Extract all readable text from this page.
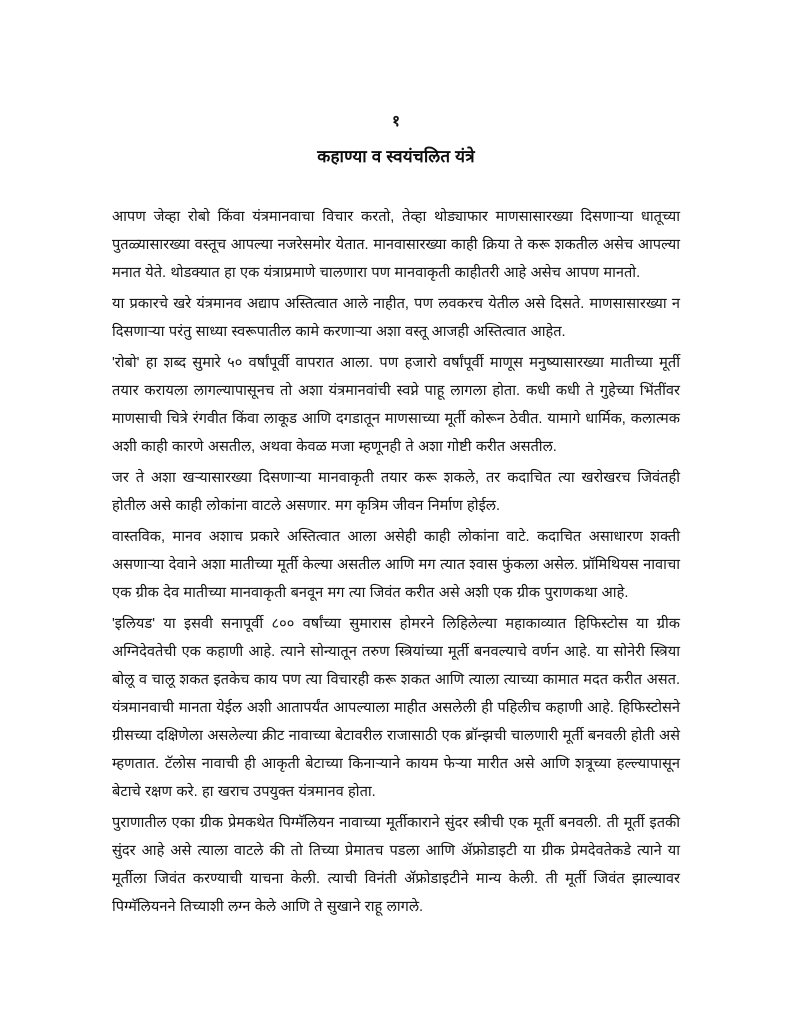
१
कहाण्या व स्वयंचलित यंत्रे

आपण जेव्हा रोबो किंवा यंत्रमानवाचा विचार करतो, तेव्हा थोड्याफार माणसासारख्या दिसणाऱ्या धातूच्या पुतळ्यासारख्या वस्तूच आपल्या नजरेसमोर येतात. मानवासारख्या काही क्रिया ते करू शकतील असेच आपल्या मनात येते. थोडक्यात हा एक यंत्राप्रमाणे चालणारा पण मानवाकृती काहीतरी आहे असेच आपण मानतो.

या प्रकारचे खरे यंत्रमानव अद्याप अस्तित्वात आले नाहीत, पण लवकरच येतील असे दिसते. माणसासारख्या न दिसणाऱ्या परंतु साध्या स्वरूपातील कामे करणाऱ्या अशा वस्तू आजही अस्तित्वात आहेत.

'रोबो' हा शब्द सुमारे ५० वर्षांपूर्वी वापरात आला. पण हजारो वर्षांपूर्वी माणूस मनुष्यासारख्या मातीच्या मूर्ती तयार करायला लागल्यापासूनच तो अशा यंत्रमानवांची स्वप्ने पाहू लागला होता. कधी कधी ते गुहेच्या भिंतींवर माणसाची चित्रे रंगवीत किंवा लाकूड आणि दगडातून माणसाच्या मूर्ती कोरून ठेवीत. यामागे धार्मिक, कलात्मक अशी काही कारणे असतील, अथवा केवळ मजा म्हणूनही ते अशा गोष्टी करीत असतील.

जर ते अशा खऱ्यासारख्या दिसणाऱ्या मानवाकृती तयार करू शकले, तर कदाचित त्या खरोखरच जिवंतही होतील असे काही लोकांना वाटले असणार. मग कृत्रिम जीवन निर्माण होईल.

वास्तविक, मानव अशाच प्रकारे अस्तित्वात आला असेही काही लोकांना वाटे. कदाचित असाधारण शक्ती असणाऱ्या देवाने अशा मातीच्या मूर्ती केल्या असतील आणि मग त्यात श्वास फुंकला असेल. प्रॉमिथियस नावाचा एक ग्रीक देव मातीच्या मानवाकृती बनवून मग त्या जिवंत करीत असे अशी एक ग्रीक पुराणकथा आहे.

'इलियड' या इसवी सनापूर्वी ८०० वर्षांच्या सुमारास होमरने लिहिलेल्या महाकाव्यात हिफिस्टोस या ग्रीक अग्निदेवतेची एक कहाणी आहे. त्याने सोन्यातून तरुण स्त्रियांच्या मूर्ती बनवल्याचे वर्णन आहे. या सोनेरी स्त्रिया बोलू व चालू शकत इतकेच काय पण त्या विचारही करू शकत आणि त्याला त्याच्या कामात मदत करीत असत. यंत्रमानवाची मानता येईल अशी आतापर्यंत आपल्याला माहीत असलेली ही पहिलीच कहाणी आहे. हिफिस्टोसने ग्रीसच्या दक्षिणेला असलेल्या क्रीट नावाच्या बेटावरील राजासाठी एक ब्रॉन्झची चालणारी मूर्ती बनवली होती असे म्हणतात. टॅलोस नावाची ही आकृती बेटाच्या किनाऱ्याने कायम फेऱ्या मारीत असे आणि शत्रूच्या हल्ल्यापासून बेटाचे रक्षण करे. हा खराच उपयुक्त यंत्रमानव होता.

पुराणातील एका ग्रीक प्रेमकथेत पिग्मॅलियन नावाच्या मूर्तीकाराने सुंदर स्त्रीची एक मूर्ती बनवली. ती मूर्ती इतकी सुंदर आहे असे त्याला वाटले की तो तिच्या प्रेमातच पडला आणि ॲफ्रोडाइटी या ग्रीक प्रेमदेवतेकडे त्याने या मूर्तीला जिवंत करण्याची याचना केली. त्याची विनंती ॲफ्रोडाइटीने मान्य केली. ती मूर्ती जिवंत झाल्यावर पिग्मॅलियनने तिच्याशी लग्न केले आणि ते सुखाने राहू लागले.
